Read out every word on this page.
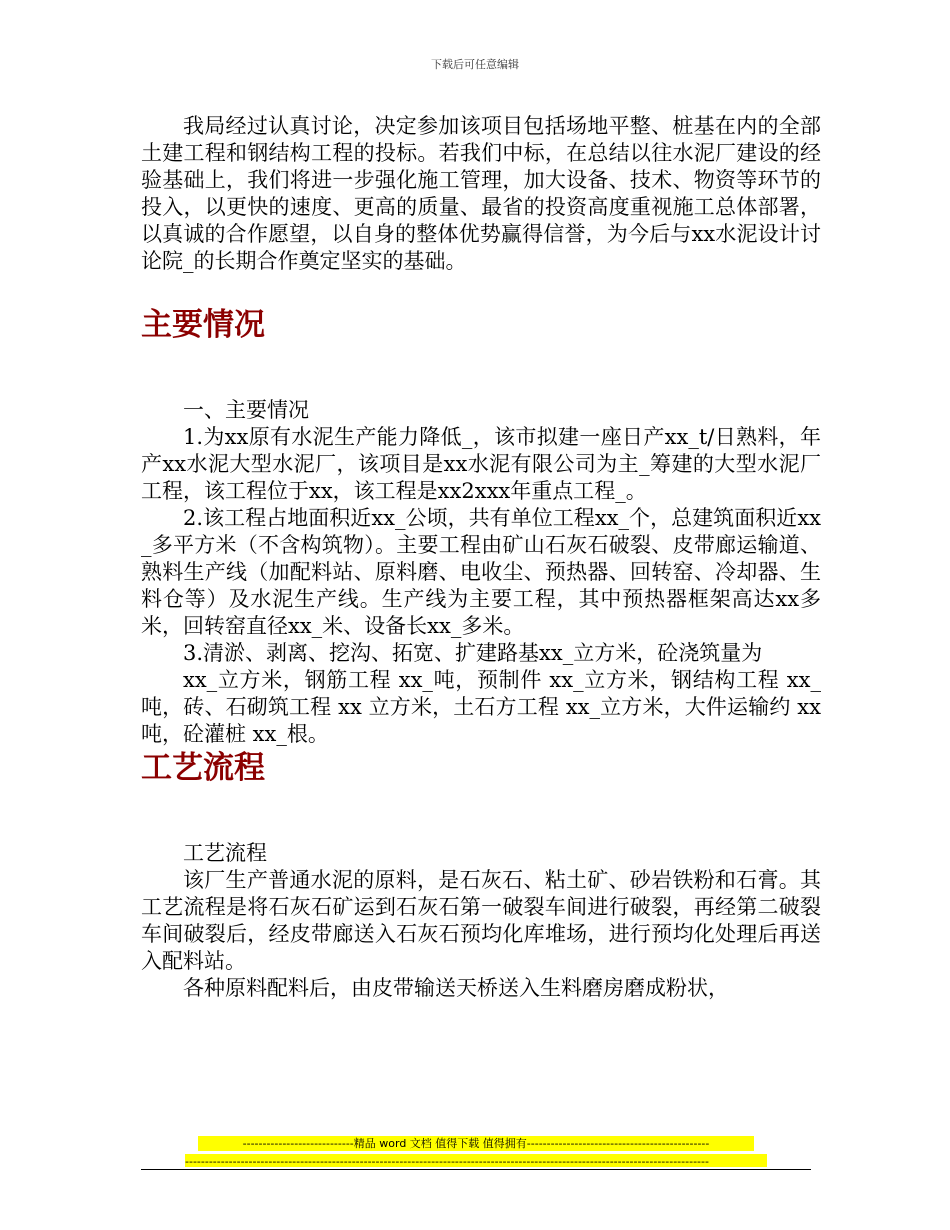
下载后可任意编辑

我局经过认真讨论，决定参加该项目包括场地平整、桩基在内的全部土建工程和钢结构工程的投标。若我们中标，在总结以往水泥厂建设的经验基础上，我们将进一步强化施工管理，加大设备、技术、物资等环节的投入，以更快的速度、更高的质量、最省的投资高度重视施工总体部署，以真诚的合作愿望，以自身的整体优势赢得信誉，为今后与xx水泥设计讨论院_的长期合作奠定坚实的基础。

主要情况

一、主要情况

1.为xx原有水泥生产能力降低_，该市拟建一座日产xx_t/日熟料，年产xx水泥大型水泥厂，该项目是xx水泥有限公司为主_筹建的大型水泥厂工程，该工程位于xx，该工程是xx2xxx年重点工程_。

2.该工程占地面积近xx_公顷，共有单位工程xx_个，总建筑面积近xx_多平方米（不含构筑物）。主要工程由矿山石灰石破裂、皮带廊运输道、熟料生产线（加配料站、原料磨、电收尘、预热器、回转窑、冷却器、生料仓等）及水泥生产线。生产线为主要工程，其中预热器框架高达xx多米，回转窑直径xx_米、设备长xx_多米。

3.清淤、剥离、挖沟、拓宽、扩建路基xx_立方米，砼浇筑量为

xx_立方米，钢筋工程 xx_吨，预制件 xx_立方米，钢结构工程 xx_吨，砖、石砌筑工程 xx 立方米，土石方工程 xx_立方米，大件运输约 xx 吨，砼灌桩 xx_根。

工艺流程

工艺流程

该厂生产普通水泥的原料，是石灰石、粘土矿、砂岩铁粉和石膏。其工艺流程是将石灰石矿运到石灰石第一破裂车间进行破裂，再经第二破裂车间破裂后，经皮带廊送入石灰石预均化库堆场，进行预均化处理后再送入配料站。

各种原料配料后，由皮带输送天桥送入生料磨房磨成粉状，

----------------------------精品 word 文档 值得下载 值得拥有----------------------------------------------
------------------------------------------------------------------------------------------------------------------------------------
